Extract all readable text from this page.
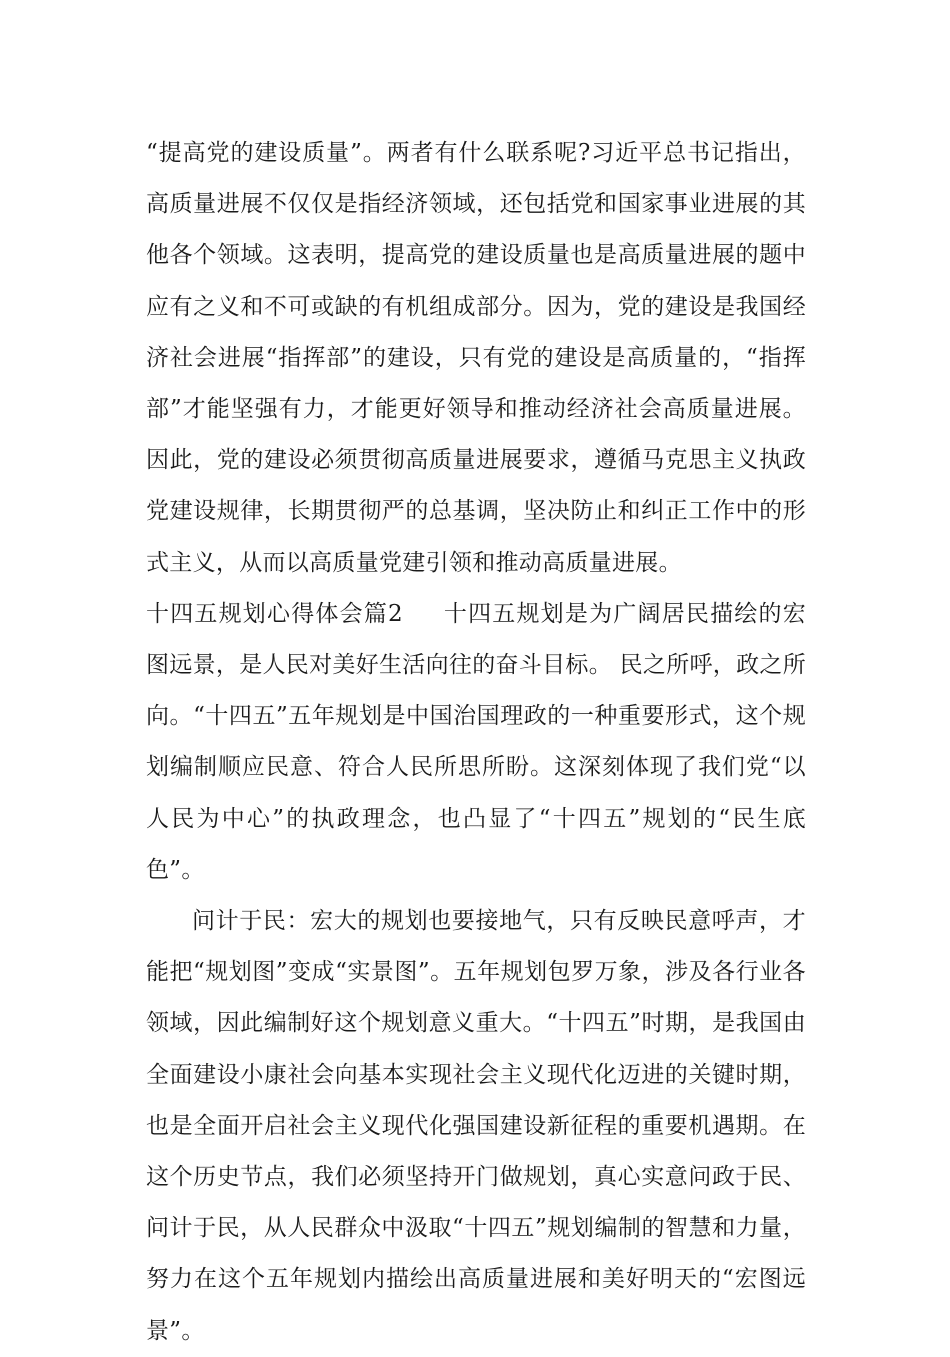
“提高党的建设质量”。两者有什么联系呢?习近平总书记指出，高质量进展不仅仅是指经济领域，还包括党和国家事业进展的其他各个领域。这表明，提高党的建设质量也是高质量进展的题中应有之义和不可或缺的有机组成部分。因为，党的建设是我国经济社会进展“指挥部”的建设，只有党的建设是高质量的，“指挥部”才能坚强有力，才能更好领导和推动经济社会高质量进展。因此，党的建设必须贯彻高质量进展要求，遵循马克思主义执政党建设规律，长期贯彻严的总基调，坚决防止和纠正工作中的形式主义，从而以高质量党建引领和推动高质量进展。

十四五规划心得体会篇2 十四五规划是为广阔居民描绘的宏图远景，是人民对美好生活向往的奋斗目标。 民之所呼，政之所向。“十四五”五年规划是中国治国理政的一种重要形式，这个规划编制顺应民意、符合人民所思所盼。这深刻体现了我们党“以人民为中心”的执政理念，也凸显了“十四五”规划的“民生底色”。

问计于民：宏大的规划也要接地气，只有反映民意呼声，才能把“规划图”变成“实景图”。五年规划包罗万象，涉及各行业各领域，因此编制好这个规划意义重大。“十四五”时期，是我国由全面建设小康社会向基本实现社会主义现代化迈进的关键时期，也是全面开启社会主义现代化强国建设新征程的重要机遇期。在这个历史节点，我们必须坚持开门做规划，真心实意问政于民、问计于民，从人民群众中汲取“十四五”规划编制的智慧和力量，努力在这个五年规划内描绘出高质量进展和美好明天的“宏图远景”。
